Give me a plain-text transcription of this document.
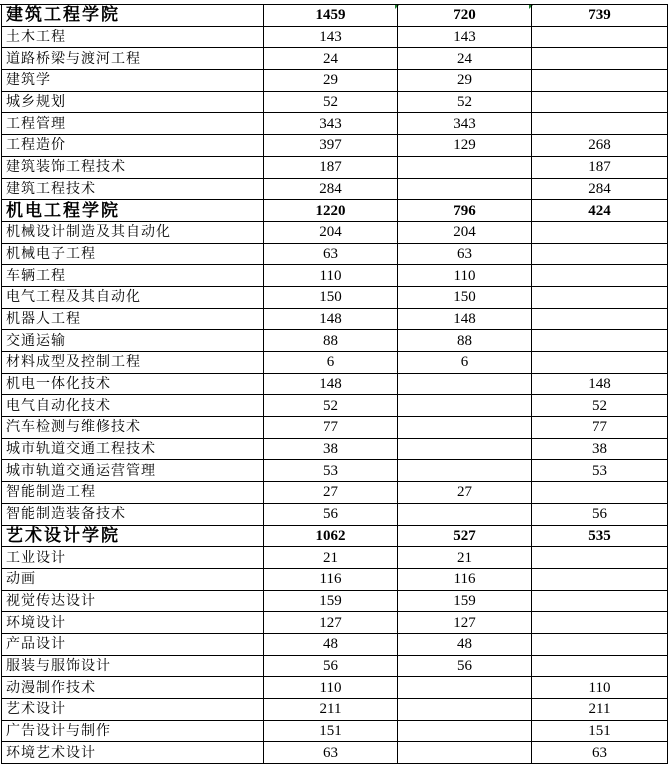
建筑工程学院	1459	720	739
土木工程	143	143	
道路桥梁与渡河工程	24	24	
建筑学	29	29	
城乡规划	52	52	
工程管理	343	343	
工程造价	397	129	268
建筑装饰工程技术	187		187
建筑工程技术	284		284
机电工程学院	1220	796	424
机械设计制造及其自动化	204	204	
机械电子工程	63	63	
车辆工程	110	110	
电气工程及其自动化	150	150	
机器人工程	148	148	
交通运输	88	88	
材料成型及控制工程	6	6	
机电一体化技术	148		148
电气自动化技术	52		52
汽车检测与维修技术	77		77
城市轨道交通工程技术	38		38
城市轨道交通运营管理	53		53
智能制造工程	27	27	
智能制造装备技术	56		56
艺术设计学院	1062	527	535
工业设计	21	21	
动画	116	116	
视觉传达设计	159	159	
环境设计	127	127	
产品设计	48	48	
服装与服饰设计	56	56	
动漫制作技术	110		110
艺术设计	211		211
广告设计与制作	151		151
环境艺术设计	63		63
